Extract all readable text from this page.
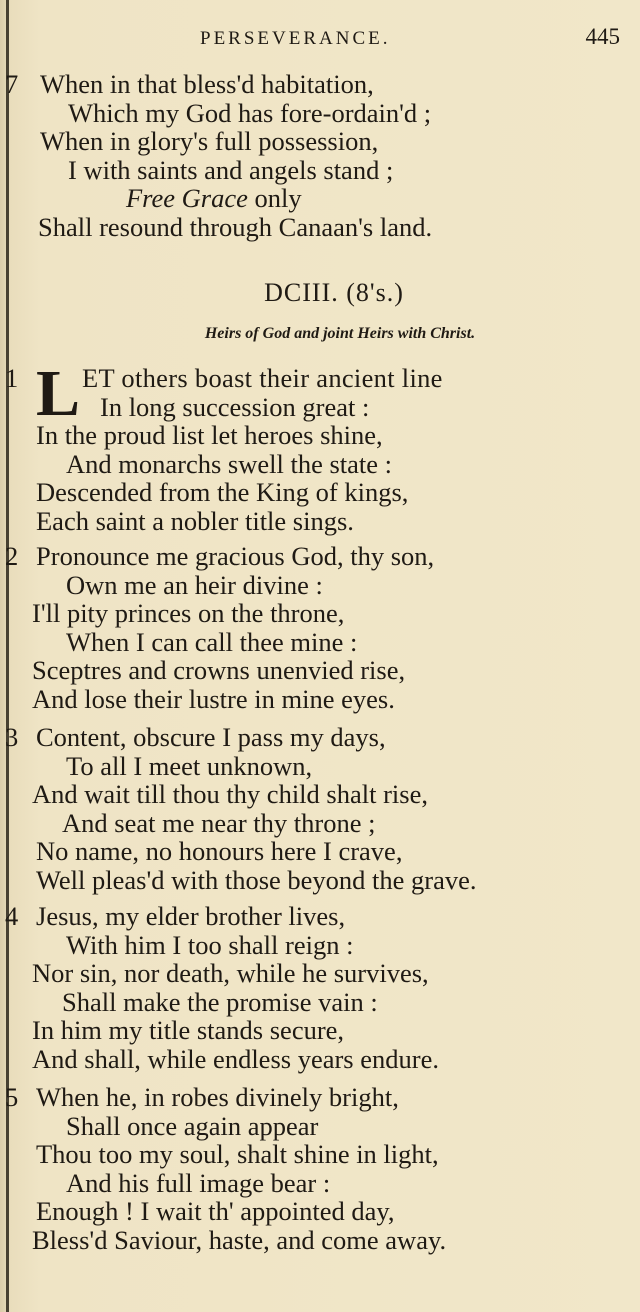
PERSEVERANCE.	445
7 When in that bless'd habitation,
Which my God has fore-ordain'd ;
When in glory's full possession,
I with saints and angels stand ;
Free Grace only
Shall resound through Canaan's land.
DCIII. (8's.)
Heirs of God and joint Heirs with Christ.
L
1 ET others boast their ancient line
In long succession great :
In the proud list let heroes shine,
And monarchs swell the state :
Descended from the King of kings,
Each saint a nobler title sings.
2 Pronounce me gracious God, thy son,
Own me an heir divine :
I'll pity princes on the throne,
When I can call thee mine :
Sceptres and crowns unenvied rise,
And lose their lustre in mine eyes.
3 Content, obscure I pass my days,
To all I meet unknown,
And wait till thou thy child shalt rise,
And seat me near thy throne ;
No name, no honours here I crave,
Well pleas'd with those beyond the grave.
4 Jesus, my elder brother lives,
With him I too shall reign :
Nor sin, nor death, while he survives,
Shall make the promise vain :
In him my title stands secure,
And shall, while endless years endure.
5 When he, in robes divinely bright,
Shall once again appear
Thou too my soul, shalt shine in light,
And his full image bear :
Enough ! I wait th' appointed day,
Bless'd Saviour, haste, and come away.
